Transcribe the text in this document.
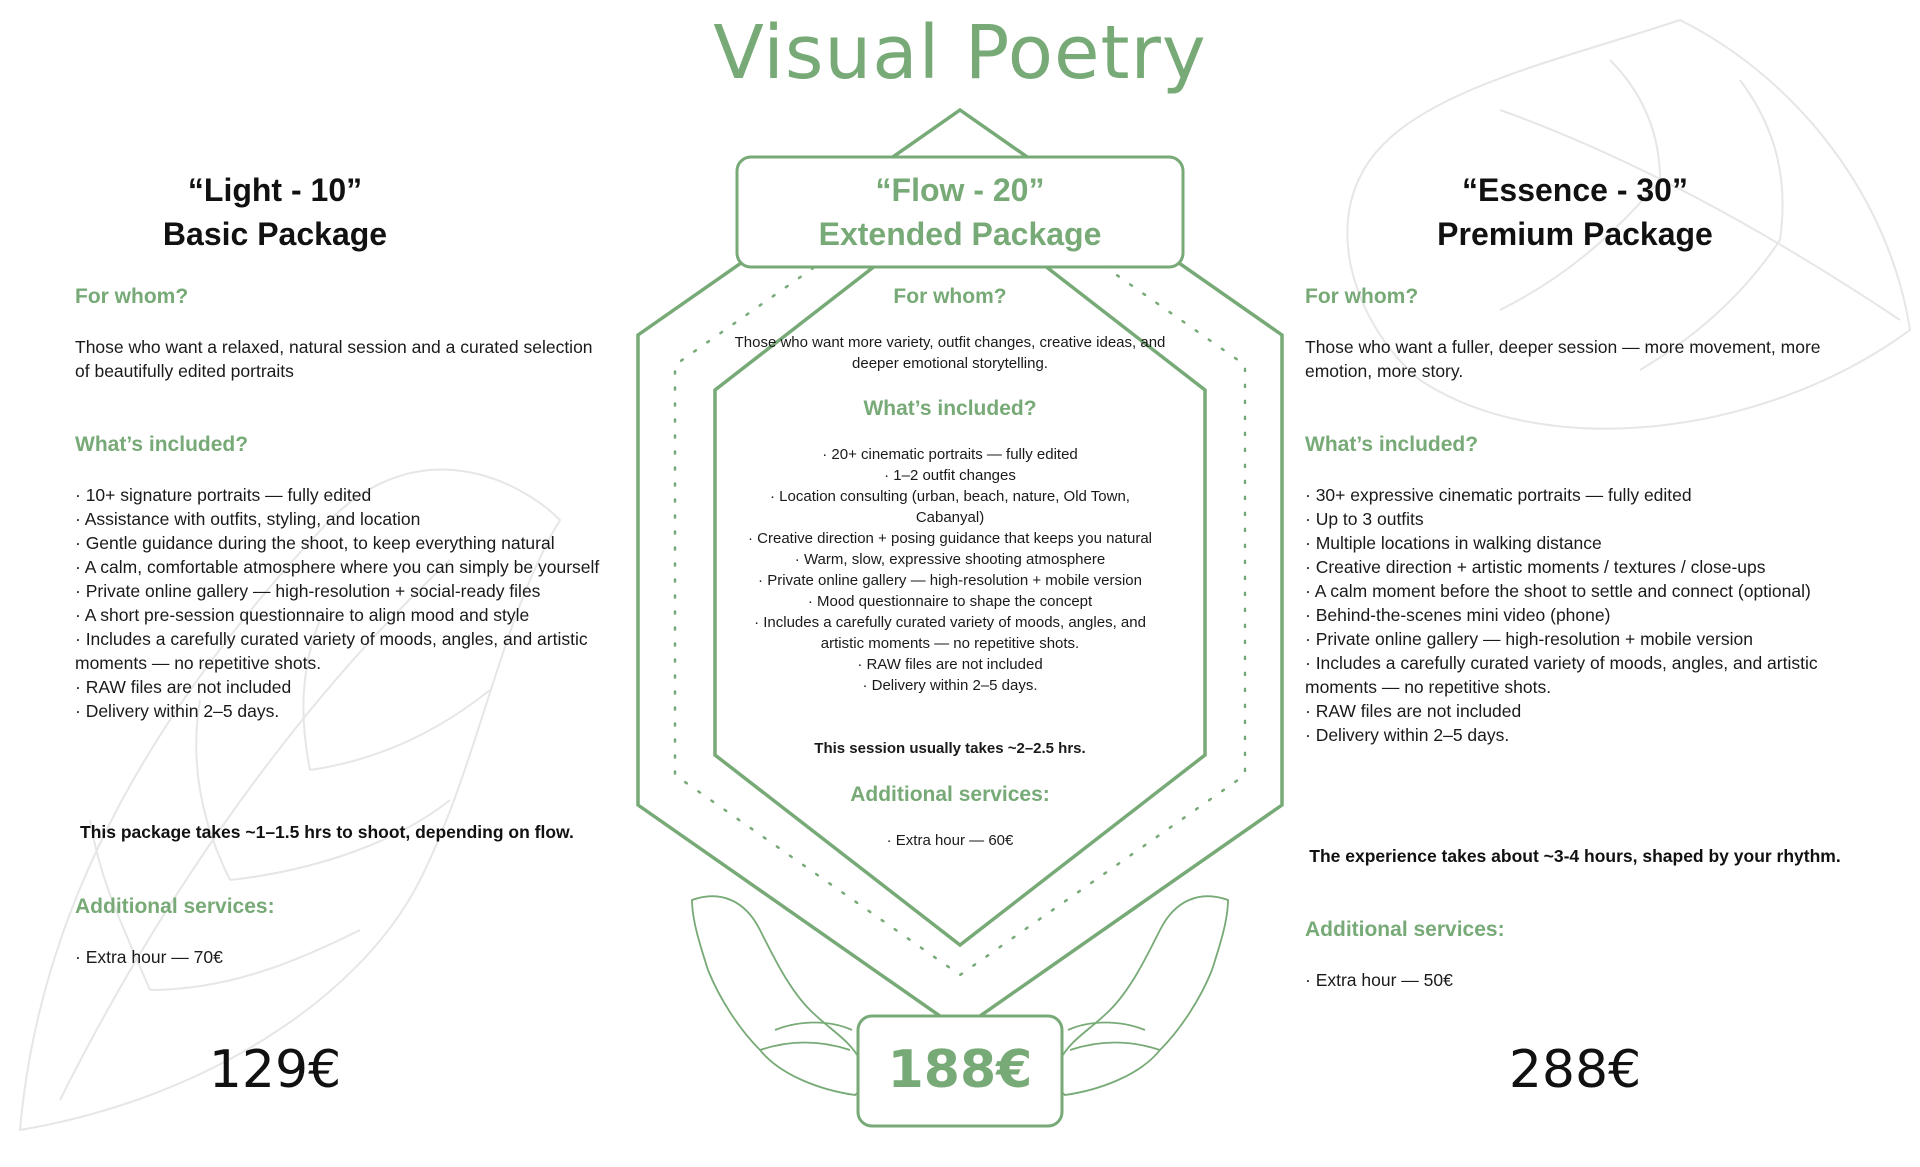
Visual Poetry
“Light - 10”
Basic Package
For whom?
Those who want a relaxed, natural session and a curated selection of beautifully edited portraits
What’s included?
· 10+ signature portraits — fully edited
· Assistance with outfits, styling, and location
· Gentle guidance during the shoot, to keep everything natural
· A calm, comfortable atmosphere where you can simply be yourself
· Private online gallery — high-resolution + social-ready files
· A short pre-session questionnaire to align mood and style
· Includes a carefully curated variety of moods, angles, and artistic moments — no repetitive shots.
· RAW files are not included
· Delivery within 2–5 days.
This package takes ~1–1.5 hrs to shoot, depending on flow.
Additional services:
· Extra hour — 70€
129€
“Flow - 20”
Extended Package
For whom?
Those who want more variety, outfit changes, creative ideas, and deeper emotional storytelling.
What’s included?
· 20+ cinematic portraits — fully edited
· 1–2 outfit changes
· Location consulting (urban, beach, nature, Old Town, Cabanyal)
· Creative direction + posing guidance that keeps you natural
· Warm, slow, expressive shooting atmosphere
· Private online gallery — high-resolution + mobile version
· Mood questionnaire to shape the concept
· Includes a carefully curated variety of moods, angles, and artistic moments — no repetitive shots.
· RAW files are not included
· Delivery within 2–5 days.
This session usually takes ~2–2.5 hrs.
Additional services:
· Extra hour — 60€
188€
“Essence - 30”
Premium Package
For whom?
Those who want a fuller, deeper session — more movement, more emotion, more story.
What’s included?
· 30+ expressive cinematic portraits — fully edited
· Up to 3 outfits
· Multiple locations in walking distance
· Creative direction + artistic moments / textures / close-ups
· A calm moment before the shoot to settle and connect (optional)
· Behind-the-scenes mini video (phone)
· Private online gallery — high-resolution + mobile version
· Includes a carefully curated variety of moods, angles, and artistic moments — no repetitive shots.
· RAW files are not included
· Delivery within 2–5 days.
The experience takes about ~3-4 hours, shaped by your rhythm.
Additional services:
· Extra hour — 50€
288€
